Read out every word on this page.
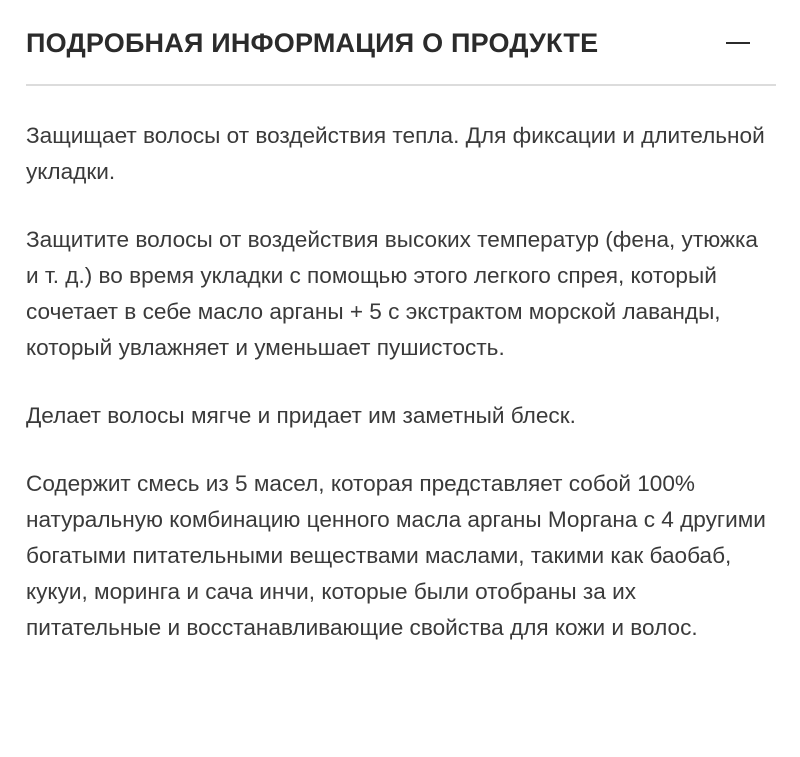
ПОДРОБНАЯ ИНФОРМАЦИЯ О ПРОДУКТЕ

Защищает волосы от воздействия тепла. Для фиксации и длительной укладки.

Защитите волосы от воздействия высоких температур (фена, утюжка и т. д.) во время укладки с помощью этого легкого спрея, который сочетает в себе масло арганы + 5 с экстрактом морской лаванды, который увлажняет и уменьшает пушистость.

Делает волосы мягче и придает им заметный блеск.

Содержит смесь из 5 масел, которая представляет собой 100% натуральную комбинацию ценного масла арганы Моргана с 4 другими богатыми питательными веществами маслами, такими как баобаб, кукуи, моринга и сача инчи, которые были отобраны за их питательные и восстанавливающие свойства для кожи и волос.
